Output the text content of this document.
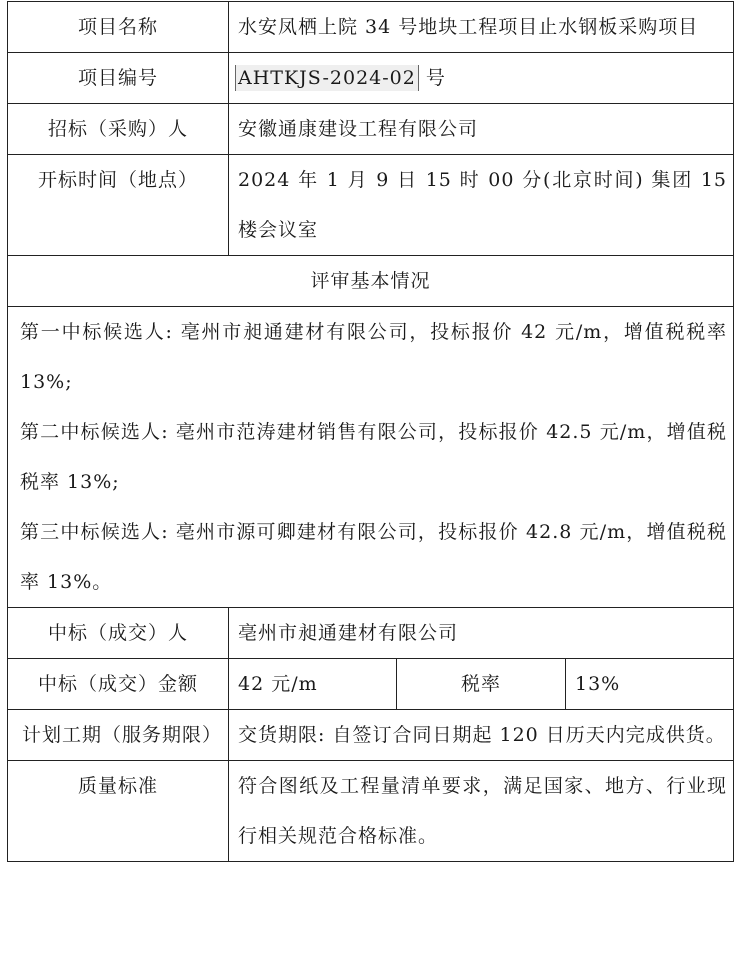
项目名称	水安凤栖上院 34 号地块工程项目止水钢板采购项目		
项目编号	AHTKJS-2024-02 号		
招标（采购）人	安徽通康建设工程有限公司		
开标时间（地点）	2024 年 1 月 9 日 15 时 00 分(北京时间) 集团 15 楼会议室		
评审基本情况			

第一中标候选人: 亳州市昶通建材有限公司，投标报价 42 元/m，增值税税率 13%;

第二中标候选人: 亳州市范涛建材销售有限公司，投标报价 42.5 元/m，增值税税率 13%;

第三中标候选人: 亳州市源可卿建材有限公司，投标报价 42.8 元/m，增值税税率 13%。			

中标（成交）人	亳州市昶通建材有限公司		
中标（成交）金额	42 元/m	税率	13%
计划工期（服务期限）	交货期限: 自签订合同日期起 120 日历天内完成供货。		
质量标准	符合图纸及工程量清单要求，满足国家、地方、行业现行相关规范合格标准。		
